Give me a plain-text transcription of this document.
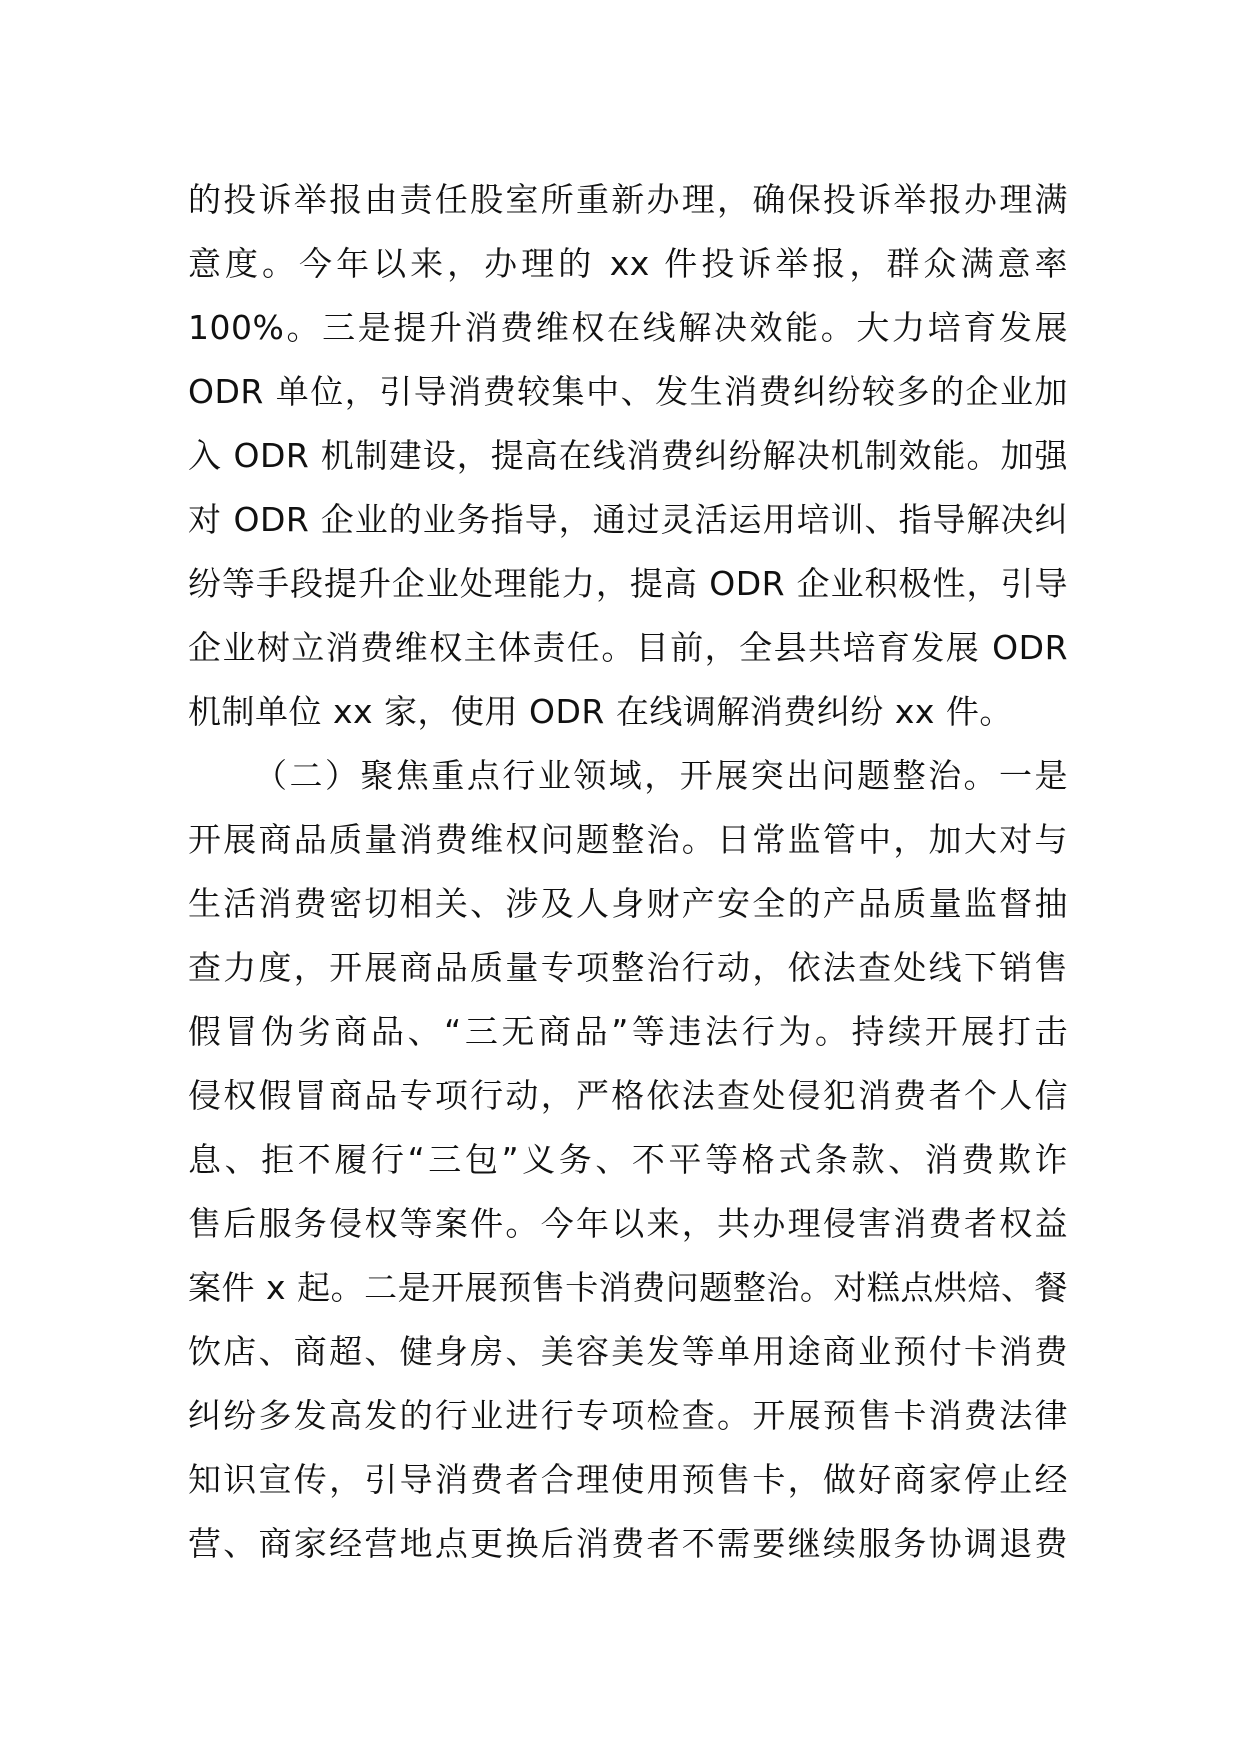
的投诉举报由责任股室所重新办理，确保投诉举报办理满
意度。今年以来，办理的 xx 件投诉举报，群众满意率
100%。三是提升消费维权在线解决效能。大力培育发展
ODR 单位，引导消费较集中、发生消费纠纷较多的企业加
入 ODR 机制建设，提高在线消费纠纷解决机制效能。加强
对 ODR 企业的业务指导，通过灵活运用培训、指导解决纠
纷等手段提升企业处理能力，提高 ODR 企业积极性，引导
企业树立消费维权主体责任。目前，全县共培育发展 ODR
机制单位 xx 家，使用 ODR 在线调解消费纠纷 xx 件。
（二）聚焦重点行业领域，开展突出问题整治。一是
开展商品质量消费维权问题整治。日常监管中，加大对与
生活消费密切相关、涉及人身财产安全的产品质量监督抽
查力度，开展商品质量专项整治行动，依法查处线下销售
假冒伪劣商品、“三无商品”等违法行为。持续开展打击
侵权假冒商品专项行动，严格依法查处侵犯消费者个人信
息、拒不履行“三包”义务、不平等格式条款、消费欺诈
售后服务侵权等案件。今年以来，共办理侵害消费者权益
案件 x 起。二是开展预售卡消费问题整治。对糕点烘焙、餐
饮店、商超、健身房、美容美发等单用途商业预付卡消费
纠纷多发高发的行业进行专项检查。开展预售卡消费法律
知识宣传，引导消费者合理使用预售卡，做好商家停止经
营、商家经营地点更换后消费者不需要继续服务协调退费
